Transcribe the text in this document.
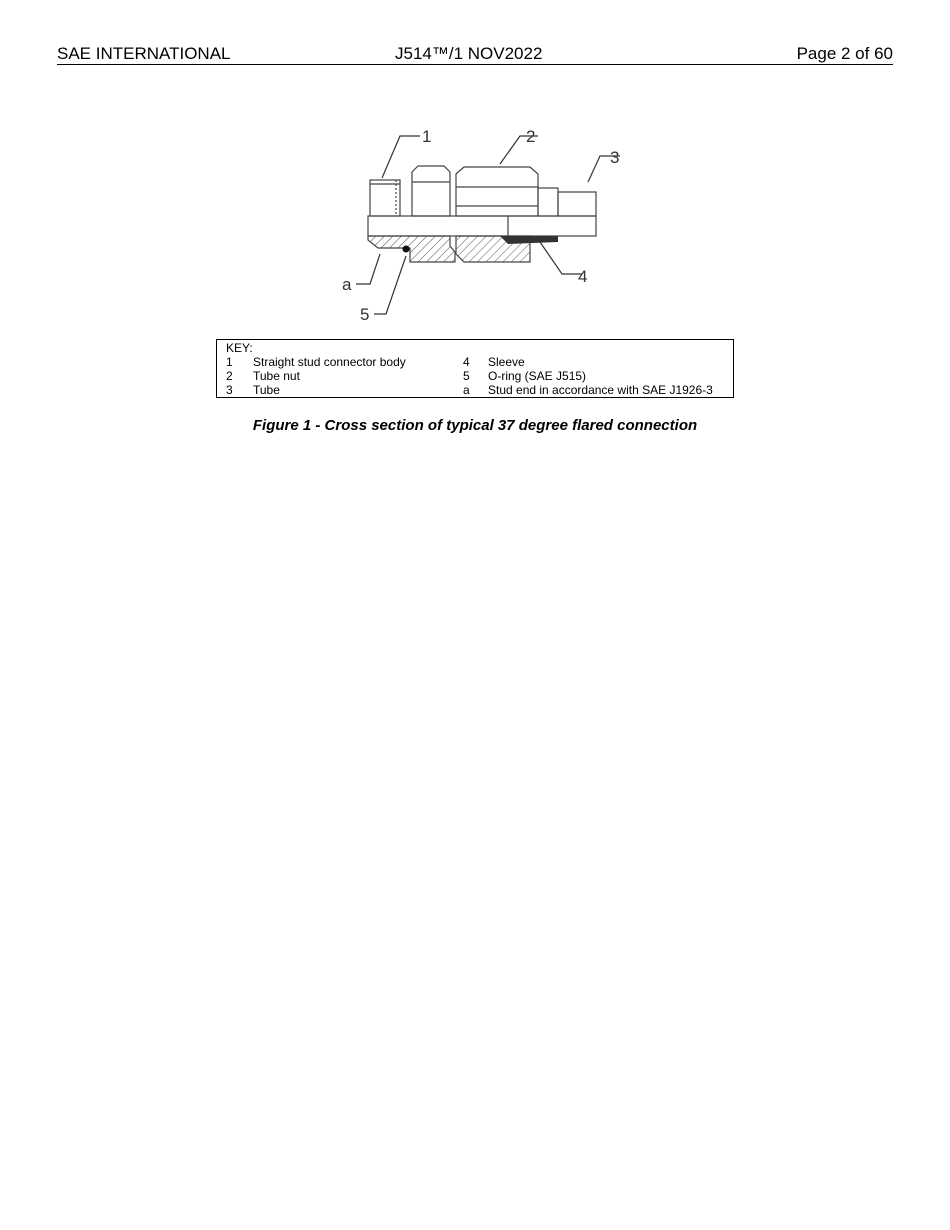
SAE INTERNATIONAL	J514™/1 NOV2022	Page 2 of 60
1	2
3
4
5
a
KEY:
1 Straight stud connector body	4 Sleeve
2 Tube nut	5 O-ring (SAE J515)
3 Tube	a Stud end in accordance with SAE J1926-3
Figure 1 - Cross section of typical 37 degree flared connection
